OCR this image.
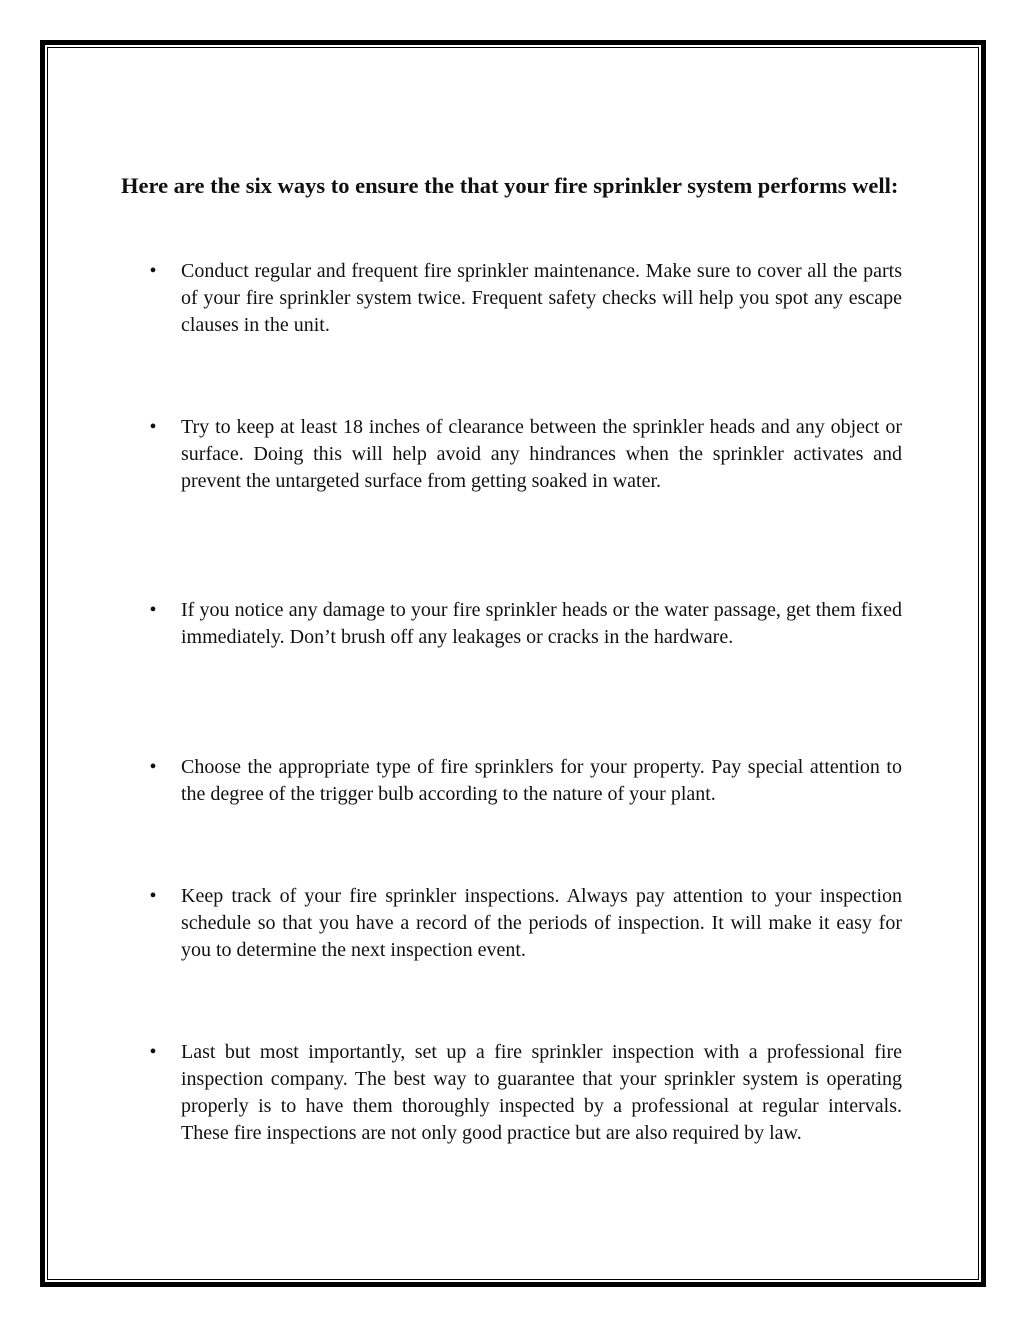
Here are the six ways to ensure the that your fire sprinkler system performs well:
•	Conduct regular and frequent fire sprinkler maintenance. Make sure to cover all the parts of your fire sprinkler system twice. Frequent safety checks will help you spot any escape clauses in the unit.
•	Try to keep at least 18 inches of clearance between the sprinkler heads and any object or surface. Doing this will help avoid any hindrances when the sprinkler activates and prevent the untargeted surface from getting soaked in water.
•	If you notice any damage to your fire sprinkler heads or the water passage, get them fixed immediately. Don’t brush off any leakages or cracks in the hardware.
•	Choose the appropriate type of fire sprinklers for your property. Pay special attention to the degree of the trigger bulb according to the nature of your plant.
•	Keep track of your fire sprinkler inspections. Always pay attention to your inspection schedule so that you have a record of the periods of inspection. It will make it easy for you to determine the next inspection event.
•	Last but most importantly, set up a fire sprinkler inspection with a professional fire inspection company. The best way to guarantee that your sprinkler system is operating properly is to have them thoroughly inspected by a professional at regular intervals. These fire inspections are not only good practice but are also required by law.
